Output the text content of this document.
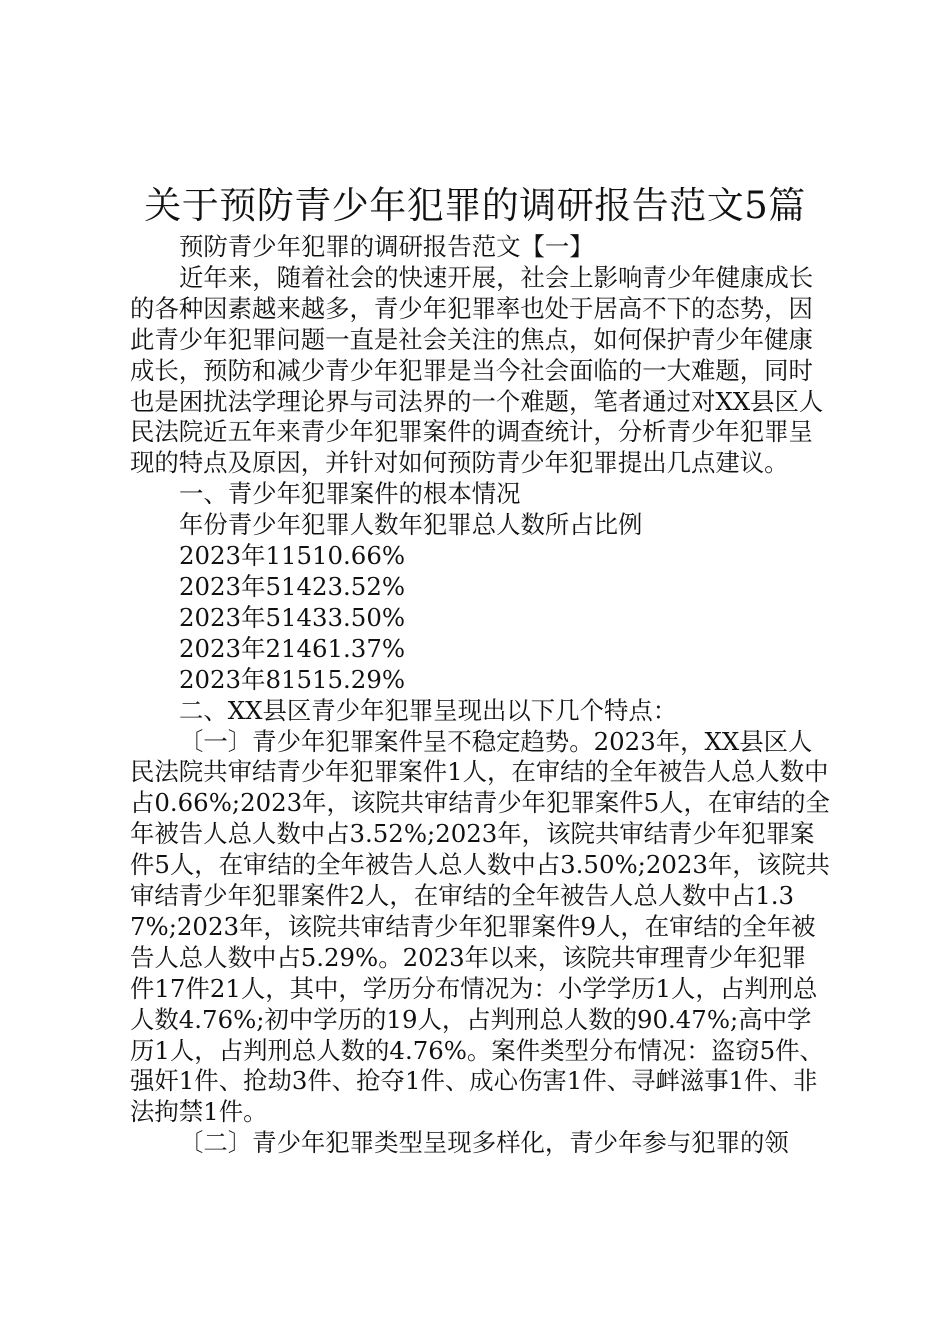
关于预防青少年犯罪的调研报告范文5篇

预防青少年犯罪的调研报告范文【一】

近年来，随着社会的快速开展，社会上影响青少年健康成长的各种因素越来越多，青少年犯罪率也处于居高不下的态势，因此青少年犯罪问题一直是社会关注的焦点，如何保护青少年健康成长，预防和减少青少年犯罪是当今社会面临的一大难题，同时也是困扰法学理论界与司法界的一个难题，笔者通过对XX县区人民法院近五年来青少年犯罪案件的调查统计，分析青少年犯罪呈现的特点及原因，并针对如何预防青少年犯罪提出几点建议。

一、青少年犯罪案件的根本情况

年份青少年犯罪人数年犯罪总人数所占比例

2023年11510.66%

2023年51423.52%

2023年51433.50%

2023年21461.37%

2023年81515.29%

二、XX县区青少年犯罪呈现出以下几个特点：

〔一〕青少年犯罪案件呈不稳定趋势。2023年，XX县区人民法院共审结青少年犯罪案件1人，在审结的全年被告人总人数中占0.66%;2023年，该院共审结青少年犯罪案件5人，在审结的全年被告人总人数中占3.52%;2023年，该院共审结青少年犯罪案件5人，在审结的全年被告人总人数中占3.50%;2023年，该院共审结青少年犯罪案件2人，在审结的全年被告人总人数中占1.37%;2023年，该院共审结青少年犯罪案件9人，在审结的全年被告人总人数中占5.29%。2023年以来，该院共审理青少年犯罪件17件21人，其中，学历分布情况为：小学学历1人，占判刑总人数4.76%;初中学历的19人，占判刑总人数的90.47%;高中学历1人，占判刑总人数的4.76%。案件类型分布情况：盗窃5件、强奸1件、抢劫3件、抢夺1件、成心伤害1件、寻衅滋事1件、非法拘禁1件。

〔二〕青少年犯罪类型呈现多样化，青少年参与犯罪的领
